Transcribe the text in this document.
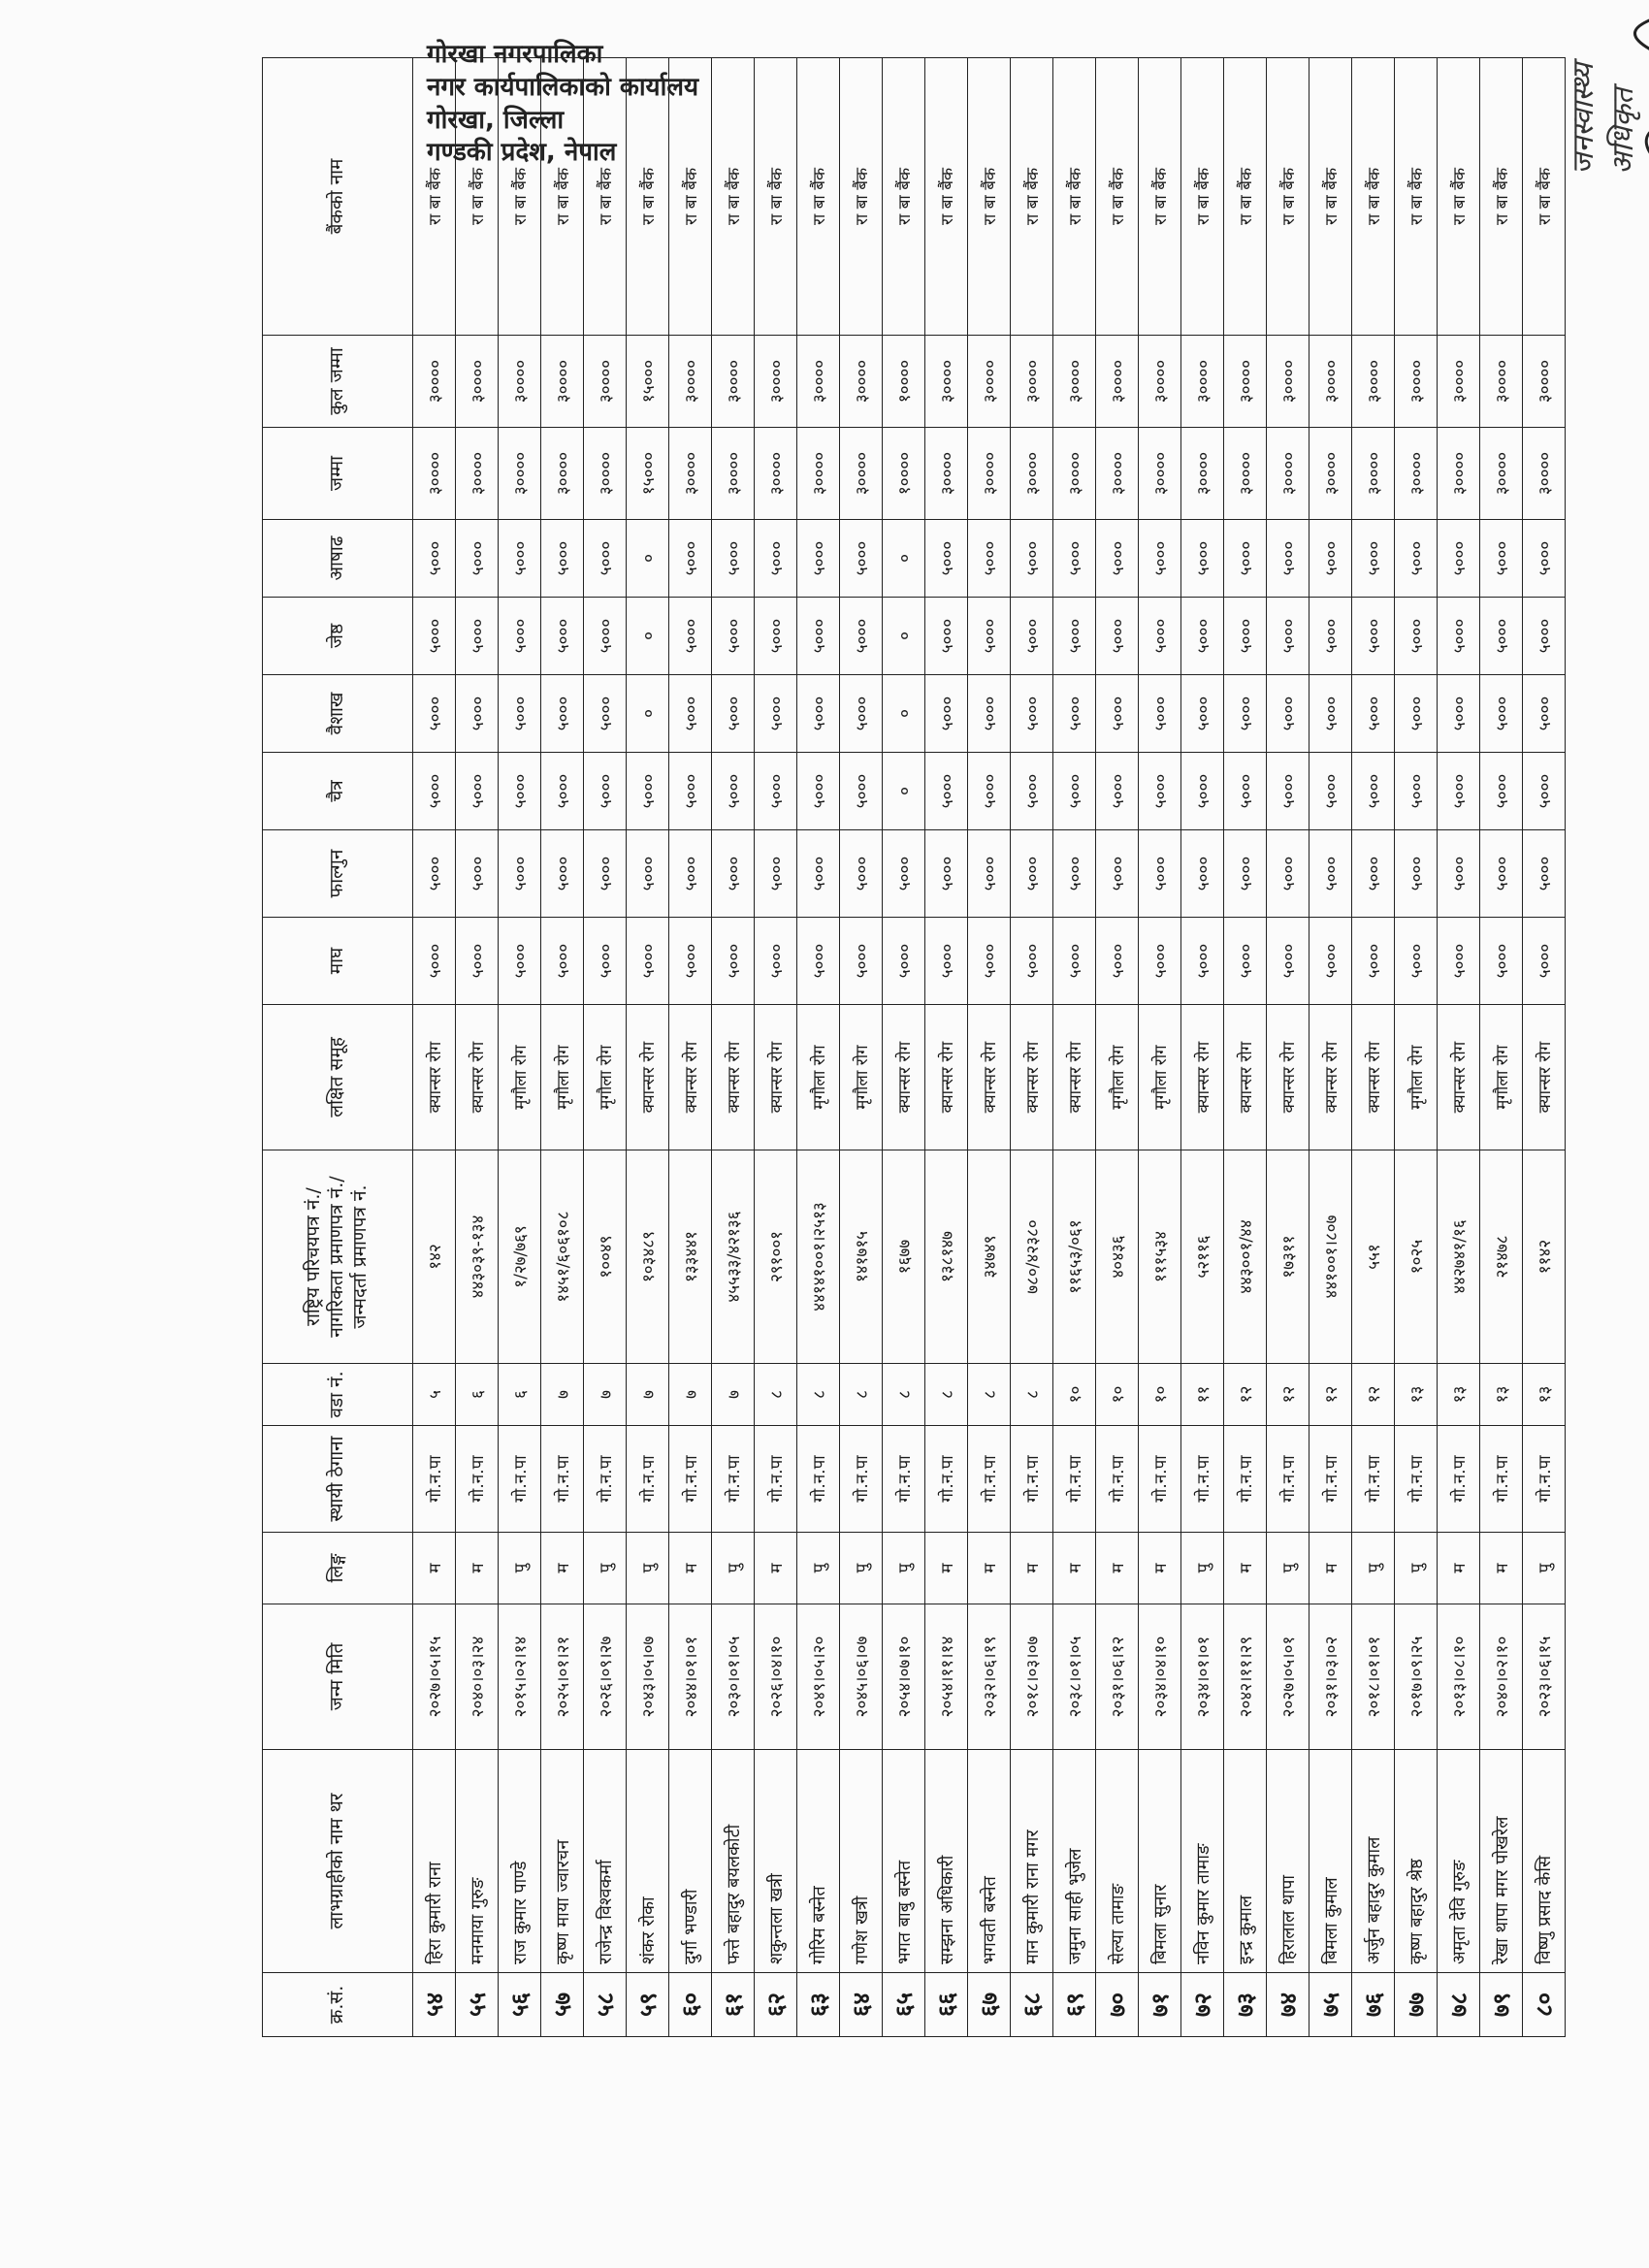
क्र.सं.	लाभग्राहीको नाम थर	जन्म मिति	लिङ्ग	स्थायी ठेगाना	वडा नं.	राष्ट्रिय परिचयपत्र नं./नागरिकता प्रमाणपत्र नं./जन्मदर्ता प्रमाणपत्र नं.	लक्षित समूह	माघ	फाल्गुन	चैत्र	वैशाख	जेष्ठ	आषाढ	जम्मा	कुल जम्मा	बैंकको नाम
५४	हिरा कुमारी राना	२०२७।०५।१५	म	गो.न.पा	५	१४२	क्यान्सर रोग	५०००	५०००	५०००	५०००	५०००	५०००	३००००	३००००	रा बा बैंक
५५	मनमाया गुरुङ	२०४०।०३।२४	म	गो.न.पा	६	४४३०३९-१३४	क्यान्सर रोग	५०००	५०००	५०००	५०००	५०००	५०००	३००००	३००००	रा बा बैंक
५६	राज कुमार पाण्डे	२०१५।०२।१४	पु	गो.न.पा	६	१/२७/७६९	मृगौला रोग	५०००	५०००	५०००	५०००	५०००	५०००	३००००	३००००	रा बा बैंक
५७	कृष्ण माया ज्वारचन	२०२५।०१।२१	म	गो.न.पा	७	१४५१/६०६१०८	मृगौला रोग	५०००	५०००	५०००	५०००	५०००	५०००	३००००	३००००	रा बा बैंक
५८	राजेन्द्र विश्वकर्मा	२०२६।०९।२७	पु	गो.न.पा	७	१००४९	मृगौला रोग	५०००	५०००	५०००	५०००	५०००	५०००	३००००	३००००	रा बा बैंक
५९	शंकर रोका	२०४३।०५।०७	पु	गो.न.पा	७	१०३४८९	क्यान्सर रोग	५०००	५०००	५०००	०	०	०	१५०००	१५०००	रा बा बैंक
६०	दुर्गा भण्डारी	२०४४।०१।०१	म	गो.न.पा	७	१३३४४१	क्यान्सर रोग	५०००	५०००	५०००	५०००	५०००	५०००	३००००	३००००	रा बा बैंक
६१	फत्ते बहादुर बयलकोटी	२०३०।०१।०५	पु	गो.न.पा	७	४५५३३/४२१३६	क्यान्सर रोग	५०००	५०००	५०००	५०००	५०००	५०००	३००००	३००००	रा बा बैंक
६२	शकुन्तला खत्री	२०२६।०४।१०	म	गो.न.पा	८	२९१००१	क्यान्सर रोग	५०००	५०००	५०००	५०००	५०००	५०००	३००००	३००००	रा बा बैंक
६३	गोरिम बस्नेत	२०४९।०५।२०	पु	गो.न.पा	८	४४१४१००१।२५१३	मृगौला रोग	५०००	५०००	५०००	५०००	५०००	५०००	३००००	३००००	रा बा बैंक
६४	गणेश खत्री	२०४५।०६।०७	पु	गो.न.पा	८	१४१७१५	मृगौला रोग	५०००	५०००	५०००	५०००	५०००	५०००	३००००	३००००	रा बा बैंक
६५	भगत बाबु बस्नेत	२०५४।०७।१०	पु	गो.न.पा	८	१६७७	क्यान्सर रोग	५०००	५०००	०	०	०	०	१००००	१००००	रा बा बैंक
६६	सम्झना अधिकारी	२०५४।११।१४	म	गो.न.पा	८	१३८१४७	क्यान्सर रोग	५०००	५०००	५०००	५०००	५०००	५०००	३००००	३००००	रा बा बैंक
६७	भगवती बस्नेत	२०३२।०६।१९	म	गो.न.पा	८	३४७४९	क्यान्सर रोग	५०००	५०००	५०००	५०००	५०००	५०००	३००००	३००००	रा बा बैंक
६८	मान कुमारी राना मगर	२०१८।०३।०७	म	गो.न.पा	८	७८०/४२३८०	क्यान्सर रोग	५०००	५०००	५०००	५०००	५०००	५०००	३००००	३००००	रा बा बैंक
६९	जमुना साही भुजेल	२०३८।०१।०५	म	गो.न.पा	१०	११६५३/०६१	क्यान्सर रोग	५०००	५०००	५०००	५०००	५०००	५०००	३००००	३००००	रा बा बैंक
७०	सेल्या तामाङ	२०३१।०६।१२	म	गो.न.पा	१०	४०४३६	मृगौला रोग	५०००	५०००	५०००	५०००	५०००	५०००	३००००	३००००	रा बा बैंक
७१	बिमला सुनार	२०३४।०४।१०	म	गो.न.पा	१०	१११५३४	मृगौला रोग	५०००	५०००	५०००	५०००	५०००	५०००	३००००	३००००	रा बा बैंक
७२	नविन कुमार तामाङ	२०३४।०१।०१	पु	गो.न.पा	११	५२११६	क्यान्सर रोग	५०००	५०००	५०००	५०००	५०००	५०००	३००००	३००००	रा बा बैंक
७३	इन्द्र कुमाल	२०४२।११।२९	म	गो.न.पा	१२	४४३००१/४४	क्यान्सर रोग	५०००	५०००	५०००	५०००	५०००	५०००	३००००	३००००	रा बा बैंक
७४	हिरालाल थापा	२०२७।०५।०१	पु	गो.न.पा	१२	१७३११	क्यान्सर रोग	५०००	५०००	५०००	५०००	५०००	५०००	३००००	३००००	रा बा बैंक
७५	बिमला कुमाल	२०३१।०३।०२	म	गो.न.पा	१२	४४१००१।८०७	क्यान्सर रोग	५०००	५०००	५०००	५०००	५०००	५०००	३००००	३००००	रा बा बैंक
७६	अर्जुन बहादुर कुमाल	२०१८।०१।०१	पु	गो.न.पा	१२	५५१	क्यान्सर रोग	५०००	५०००	५०००	५०००	५०००	५०००	३००००	३००००	रा बा बैंक
७७	कृष्ण बहादुर श्रेष्ठ	२०१७।०९।२५	पु	गो.न.पा	१३	१०२५	मृगौला रोग	५०००	५०००	५०००	५०००	५०००	५०००	३००००	३००००	रा बा बैंक
७८	अमृता देवि गुरुङ	२०१३।०८।१०	म	गो.न.पा	१३	४४२७४१/१६	क्यान्सर रोग	५०००	५०००	५०००	५०००	५०००	५०००	३००००	३००००	रा बा बैंक
७९	रेखा थापा मगर पोखरेल	२०४०।०२।१०	म	गो.न.पा	१३	२१४७८	मृगौला रोग	५०००	५०००	५०००	५०००	५०००	५०००	३००००	३००००	रा बा बैंक
८०	विष्णु प्रसाद केसि	२०२३।०६।१५	पु	गो.न.पा	१३	११४२	क्यान्सर रोग	५०००	५०००	५०००	५०००	५०००	५०००	३००००	३००००	रा बा बैंक
गोरखा नगरपालिका
नगर कार्यपालिकाको कार्यालय
गोरखा, जिल्ला
गण्डकी प्रदेश, नेपाल	जनस्वास्थ्य अधिकृत
